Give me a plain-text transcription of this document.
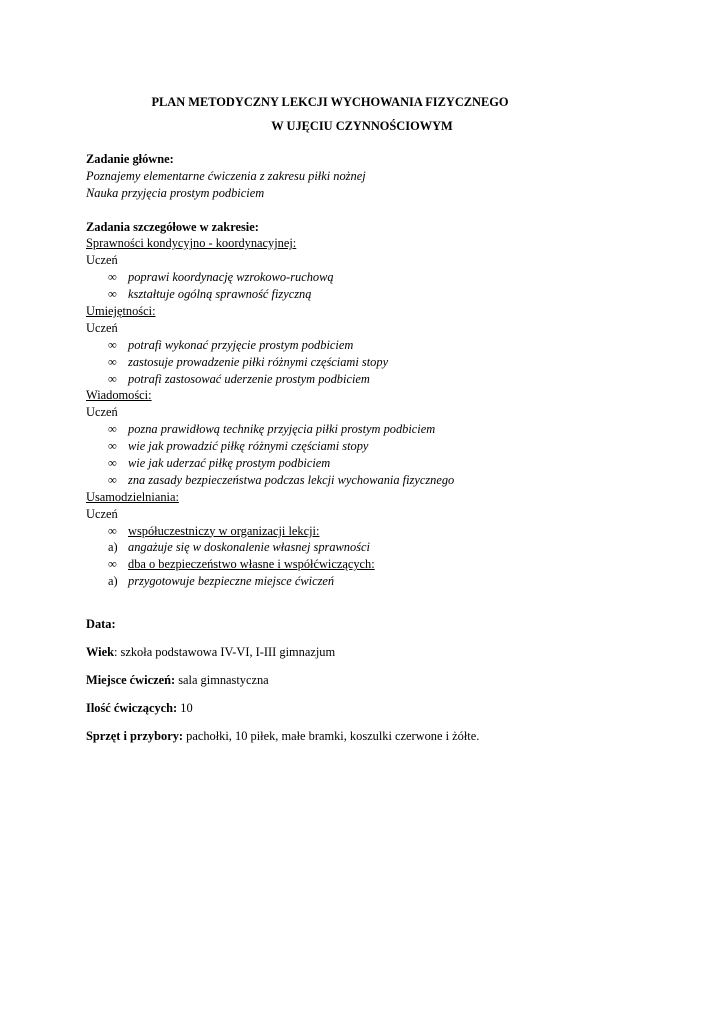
PLAN METODYCZNY LEKCJI WYCHOWANIA FIZYCZNEGO
W UJĘCIU CZYNNOŚCIOWYM
Zadanie główne:
Poznajemy elementarne ćwiczenia z zakresu piłki nożnej
Nauka przyjęcia prostym podbiciem
Zadania szczegółowe w zakresie:
Sprawności kondycyjno - koordynacyjnej:
Uczeń
∞ poprawi koordynację wzrokowo-ruchową
∞ kształtuje ogólną sprawność fizyczną
Umiejętności:
Uczeń
∞ potrafi wykonać przyjęcie prostym podbiciem
∞ zastosuje prowadzenie piłki różnymi częściami stopy
∞ potrafi zastosować uderzenie prostym podbiciem
Wiadomości:
Uczeń
∞ pozna prawidłową technikę przyjęcia piłki prostym podbiciem
∞ wie jak prowadzić piłkę różnymi częściami stopy
∞ wie jak uderzać piłkę prostym podbiciem
∞ zna zasady bezpieczeństwa podczas lekcji wychowania fizycznego
Usamodzielniania:
Uczeń
∞ współuczestniczy w organizacji lekcji:
a) angażuje się w doskonalenie własnej sprawności
∞ dba o bezpieczeństwo własne i współćwiczących:
a) przygotowuje bezpieczne miejsce ćwiczeń
Data:
Wiek: szkoła podstawowa IV-VI, I-III gimnazjum
Miejsce ćwiczeń: sala gimnastyczna
Ilość ćwiczących: 10
Sprzęt i przybory: pachołki, 10 piłek, małe bramki, koszulki czerwone i żółte.
